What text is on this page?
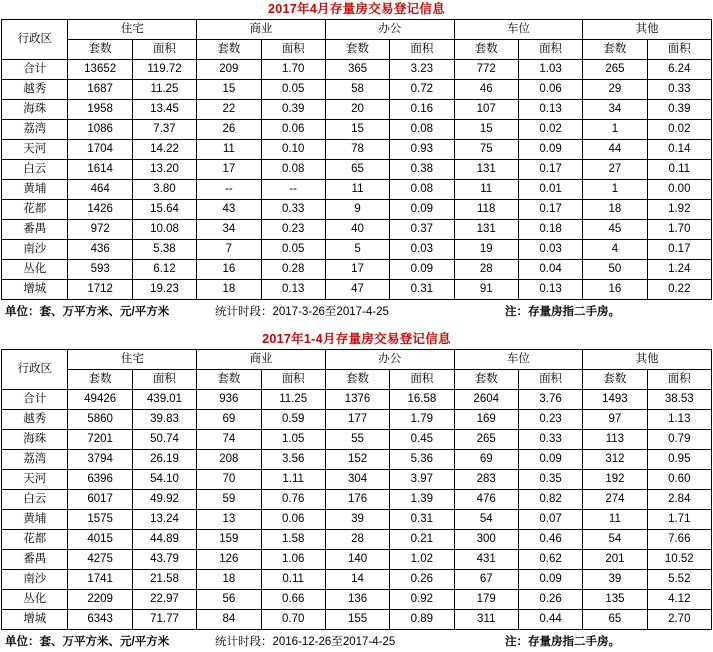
2017年4月存量房交易登记信息
行政区	住宅		商业		办公		车位		其他	
	套数	面积	套数	面积	套数	面积	套数	面积	套数	面积
合计	13652	119.72	209	1.70	365	3.23	772	1.03	265	6.24
越秀	1687	11.25	15	0.05	58	0.72	46	0.06	29	0.33
海珠	1958	13.45	22	0.39	20	0.16	107	0.13	34	0.39
荔湾	1086	7.37	26	0.06	15	0.08	15	0.02	1	0.02
天河	1704	14.22	11	0.10	78	0.93	75	0.09	44	0.14
白云	1614	13.20	17	0.08	65	0.38	131	0.17	27	0.11
黄埔	464	3.80	--	--	11	0.08	11	0.01	1	0.00
花都	1426	15.64	43	0.33	9	0.09	118	0.17	18	1.92
番禺	972	10.08	34	0.23	40	0.37	131	0.18	45	1.70
南沙	436	5.38	7	0.05	5	0.03	19	0.03	4	0.17
丛化	593	6.12	16	0.28	17	0.09	28	0.04	50	1.24
增城	1712	19.23	18	0.13	47	0.31	91	0.13	16	0.22
单位：套、万平方米、元/平方米	统计时段：2017-3-26至2017-4-25	注：存量房指二手房。
2017年1-4月存量房交易登记信息
行政区	住宅		商业		办公		车位		其他	
	套数	面积	套数	面积	套数	面积	套数	面积	套数	面积
合计	49426	439.01	936	11.25	1376	16.58	2604	3.76	1493	38.53
越秀	5860	39.83	69	0.59	177	1.79	169	0.23	97	1.13
海珠	7201	50.74	74	1.05	55	0.45	265	0.33	113	0.79
荔湾	3794	26.19	208	3.56	152	5.36	69	0.09	312	0.95
天河	6396	54.10	70	1.11	304	3.97	283	0.35	192	0.60
白云	6017	49.92	59	0.76	176	1.39	476	0.82	274	2.84
黄埔	1575	13.24	13	0.06	39	0.31	54	0.07	11	1.71
花都	4015	44.89	159	1.58	28	0.21	300	0.46	54	7.66
番禺	4275	43.79	126	1.06	140	1.02	431	0.62	201	10.52
南沙	1741	21.58	18	0.11	14	0.26	67	0.09	39	5.52
丛化	2209	22.97	56	0.66	136	0.92	179	0.26	135	4.12
增城	6343	71.77	84	0.70	155	0.89	311	0.44	65	2.70
单位：套、万平方米、元/平方米	统计时段：2016-12-26至2017-4-25	注：存量房指二手房。
